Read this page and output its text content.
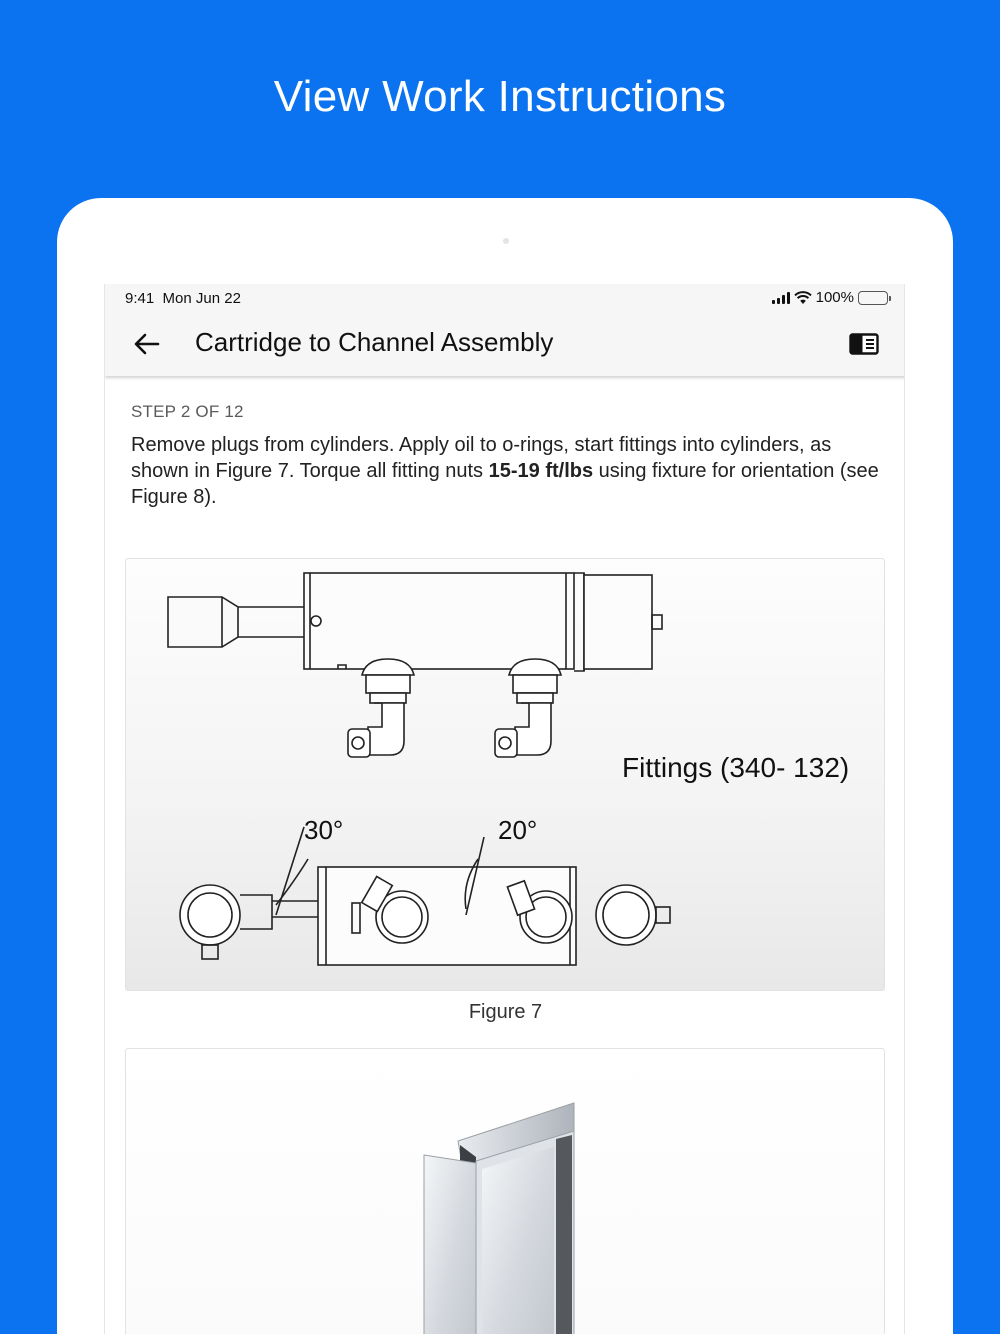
View Work Instructions
9:41 Mon Jun 22	100%
Cartridge to Channel Assembly
STEP 2 OF 12
Remove plugs from cylinders. Apply oil to o-rings, start fittings into cylinders, as shown in Figure 7. Torque all fitting nuts 15-19 ft/lbs using fixture for orientation (see Figure 8).
Fittings (340- 132)
30°	20°
Figure 7
